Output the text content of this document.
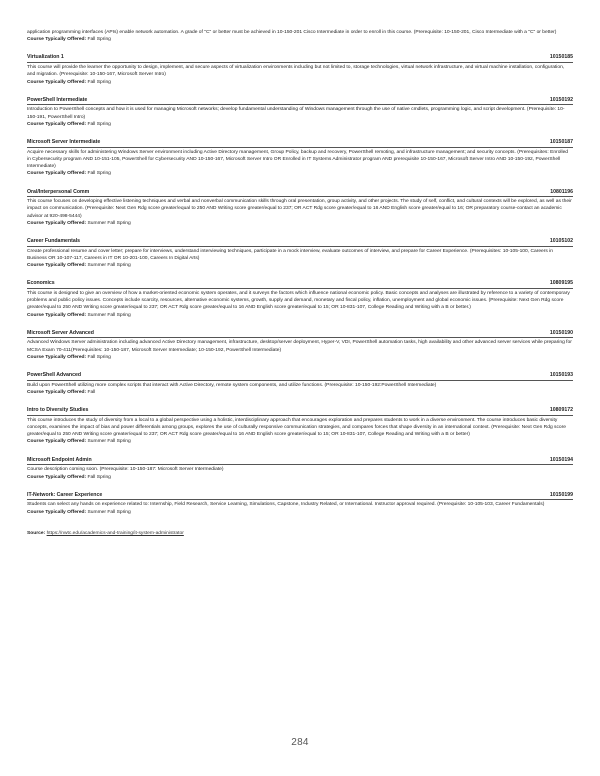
application programming interfaces (APIs) enable network automation. A grade of "C" or better must be achieved in 10-150-201 Cisco Intermediate in order to enroll in this course. (Prerequisite: 10-150-201, Cisco Intermediate with a "C" or better)
Course Typically Offered: Fall Spring
Virtualization 1	10150185
This course will provide the learner the opportunity to design, implement, and secure aspects of virtualization environments including but not limited to, storage technologies, virtual network infrastructure, and virtual machine installation, configuration, and migration. (Prerequisite: 10-150-167, Microsoft Server Intro)
Course Typically Offered: Fall Spring
PowerShell Intermediate	10150192
Introduction to PowerShell concepts and how it is used for managing Microsoft networks; develop fundamental understanding of Windows management through the use of native cmdlets, programming logic, and script development. (Prerequisite: 10-150-191, PowerShell Intro)
Course Typically Offered: Fall Spring
Microsoft Server Intermediate	10150187
Acquire necessary skills for administering Windows Server environment including Active Directory management, Group Policy, backup and recovery, PowerShell remoting, and infrastructure management; and security concepts. (Prerequisites: Enrolled in Cybersecurity program AND 10-151-105, PowerShell for Cybersecurity AND 10-150-167, Microsoft Server Intro OR Enrolled in IT Systems Administrator program AND prerequisite 10-150-167, Microsoft Server Intro AND 10-150-192, PowerShell Intermediate)
Course Typically Offered: Fall Spring
Oral/Interpersonal Comm	10801196
This course focuses on developing effective listening techniques and verbal and nonverbal communication skills through oral presentation, group activity, and other projects. The study of self, conflict, and cultural contexts will be explored, as well as their impact on communication. (Prerequisite: Next Gen Rdg score greater/equal to 250 AND Writing score greater/equal to 237; OR ACT Rdg score greater/equal to 16 AND English score greater/equal to 16; OR preparatory course-contact an academic advisor at 920-498-5444)
Course Typically Offered: Summer Fall Spring
Career Fundamentals	10105102
Create professional resume and cover letter; prepare for interviews, understand interviewing techniques, participate in a mock interview, evaluate outcomes of interview, and prepare for Career Experience. (Prerequisites: 10-105-100, Careers in Business OR 10-107-117, Careers in IT OR 10-201-100, Careers In Digital Arts)
Course Typically Offered: Summer Fall Spring
Economics	10809195
This course is designed to give an overview of how a market-oriented economic system operates, and it surveys the factors which influence national economic policy. Basic concepts and analyses are illustrated by reference to a variety of contemporary problems and public policy issues. Concepts include scarcity, resources, alternative economic systems, growth, supply and demand, monetary and fiscal policy, inflation, unemployment and global economic issues. (Prerequisite: Next Gen Rdg score greater/equal to 250 AND Writing score greater/equal to 237; OR ACT Rdg score greater/equal to 16 AND English score greater/equal to 15; OR 10-831-107, College Reading and Writing with a B or better.)
Course Typically Offered: Summer Fall Spring
Microsoft Server Advanced	10150190
Advanced Windows Server administration including advanced Active Directory management, infrastructure, desktop/server deployment, Hyper-V, VDI, PowerShell automation tasks, high availability and other advanced server services while preparing for MCSA Exam 70-411(Prerequisites: 10-150-187, Microsoft Server Intermediate; 10-150-192, PowerShell Intermediate)
Course Typically Offered: Fall Spring
PowerShell Advanced	10150193
Build upon PowerShell utilizing more complex scripts that interact with Active Directory, remote system components, and utilize functions. (Prerequisite: 10-150-192:PowerShell Intermediate)
Course Typically Offered: Fall
Intro to Diversity Studies	10809172
This course introduces the study of diversity from a local to a global perspective using a holistic, interdisciplinary approach that encourages exploration and prepares students to work in a diverse environment. The course introduces basic diversity concepts, examines the impact of bias and power differentials among groups, explores the use of culturally responsive communication strategies, and compares forces that shape diversity in an international context. (Prerequisite: Next Gen Rdg score greater/equal to 250 AND Writing score greater/equal to 237; OR ACT Rdg score greater/equal to 16 AND English score greater/equal to 15; OR 10-831-107, College Reading and Writing with a B or better)
Course Typically Offered: Summer Fall Spring
Microsoft Endpoint Admin	10150194
Course description coming soon. (Prerequisite: 10-150-187: Microsoft Server Intermediate)
Course Typically Offered: Fall Spring
IT-Network: Career Experience	10150199
Students can select any hands on experience related to: Internship, Field Research, Service Learning, Simulations, Capstone, Industry Related, or International. Instructor approval required. (Prerequisite: 10-105-103, Career Fundamentals)
Course Typically Offered: Summer Fall Spring
Source: https://nwtc.edu/academics-and-training/it-system-administrator
284
